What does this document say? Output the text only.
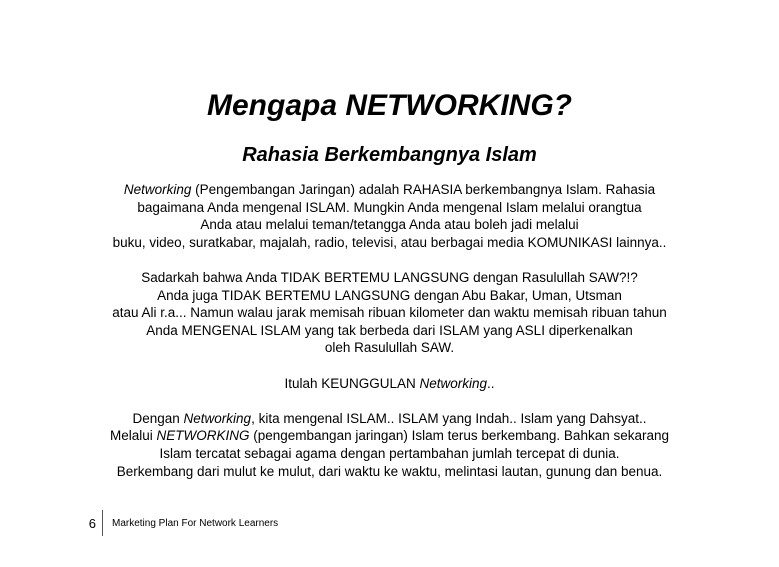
Mengapa NETWORKING?
Rahasia Berkembangnya Islam
Networking (Pengembangan Jaringan) adalah RAHASIA berkembangnya Islam. Rahasia
bagaimana Anda mengenal ISLAM. Mungkin Anda mengenal Islam melalui orangtua
Anda atau melalui teman/tetangga Anda atau boleh jadi melalui
buku, video, suratkabar, majalah, radio, televisi, atau berbagai media KOMUNIKASI lainnya..
Sadarkah bahwa Anda TIDAK BERTEMU LANGSUNG dengan Rasulullah SAW?!?
Anda juga TIDAK BERTEMU LANGSUNG dengan Abu Bakar, Uman, Utsman
atau Ali r.a... Namun walau jarak memisah ribuan kilometer dan waktu memisah ribuan tahun
Anda MENGENAL ISLAM yang tak berbeda dari ISLAM yang ASLI diperkenalkan
oleh Rasulullah SAW.
Itulah KEUNGGULAN Networking..
Dengan Networking, kita mengenal ISLAM.. ISLAM yang Indah.. Islam yang Dahsyat..
Melalui NETWORKING (pengembangan jaringan) Islam terus berkembang. Bahkan sekarang
Islam tercatat sebagai agama dengan pertambahan jumlah tercepat di dunia.
Berkembang dari mulut ke mulut, dari waktu ke waktu, melintasi lautan, gunung dan benua.
6 Marketing Plan For Network Learners
